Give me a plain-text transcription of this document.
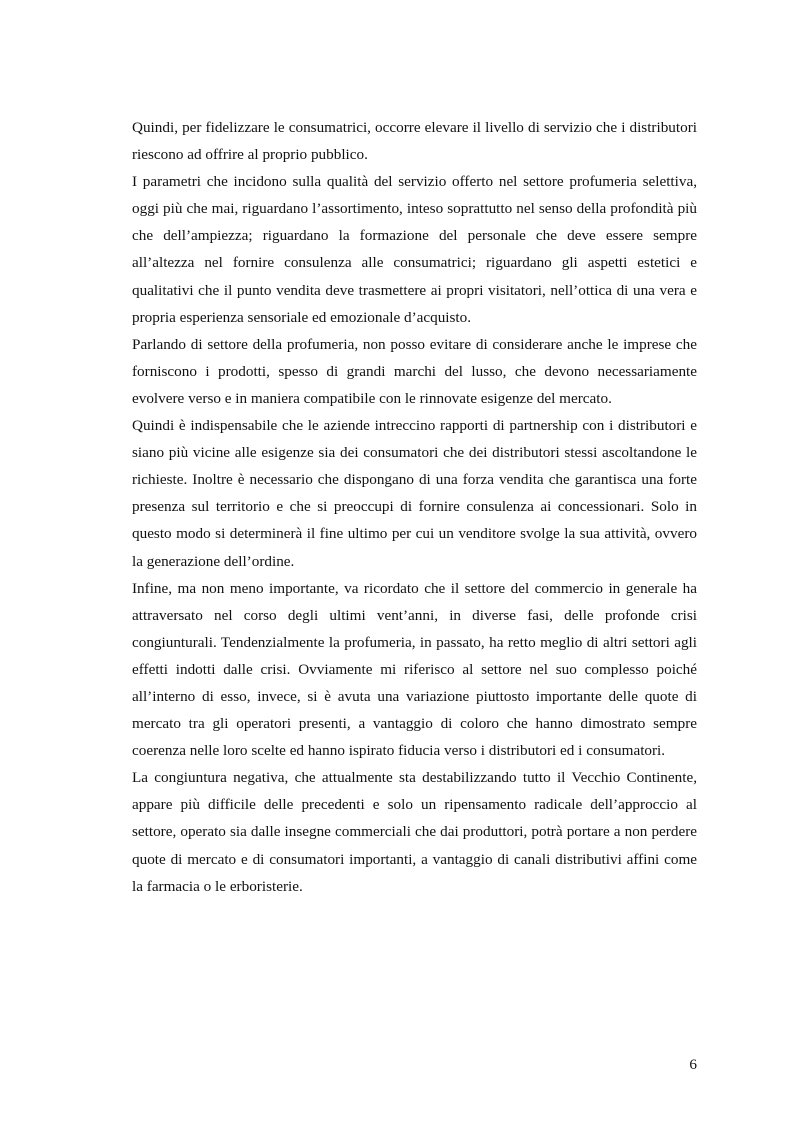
Quindi, per fidelizzare le consumatrici, occorre elevare il livello di servizio che i distributori riescono ad offrire al proprio pubblico.

I parametri che incidono sulla qualità del servizio offerto nel settore profumeria selettiva, oggi più che mai, riguardano l’assortimento, inteso soprattutto nel senso della profondità più che dell’ampiezza; riguardano la formazione del personale che deve essere sempre all’altezza nel fornire consulenza alle consumatrici; riguardano gli aspetti estetici e qualitativi che il punto vendita deve trasmettere ai propri visitatori, nell’ottica di una vera e propria esperienza sensoriale ed emozionale d’acquisto.

Parlando di settore della profumeria, non posso evitare di considerare anche le imprese che forniscono i prodotti, spesso di grandi marchi del lusso, che devono necessariamente evolvere verso e in maniera compatibile con le rinnovate esigenze del mercato.

Quindi è indispensabile che le aziende intreccino rapporti di partnership con i distributori e siano più vicine alle esigenze sia dei consumatori che dei distributori stessi ascoltandone le richieste. Inoltre è necessario che dispongano di una forza vendita che garantisca una forte presenza sul territorio e che si preoccupi di fornire consulenza ai concessionari. Solo in questo modo si determinerà il fine ultimo per cui un venditore svolge la sua attività, ovvero la generazione dell’ordine.

Infine, ma non meno importante, va ricordato che il settore del commercio in generale ha attraversato nel corso degli ultimi vent’anni, in diverse fasi, delle profonde crisi congiunturali. Tendenzialmente la profumeria, in passato, ha retto meglio di altri settori agli effetti indotti dalle crisi. Ovviamente mi riferisco al settore nel suo complesso poiché all’interno di esso, invece, si è avuta una variazione piuttosto importante delle quote di mercato tra gli operatori presenti, a vantaggio di coloro che hanno dimostrato sempre coerenza nelle loro scelte ed hanno ispirato fiducia verso i distributori ed i consumatori.

La congiuntura negativa, che attualmente sta destabilizzando tutto il Vecchio Continente, appare più difficile delle precedenti e solo un ripensamento radicale dell’approccio al settore, operato sia dalle insegne commerciali che dai produttori, potrà portare a non perdere quote di mercato e di consumatori importanti, a vantaggio di canali distributivi affini come la farmacia o le erboristerie.

6
